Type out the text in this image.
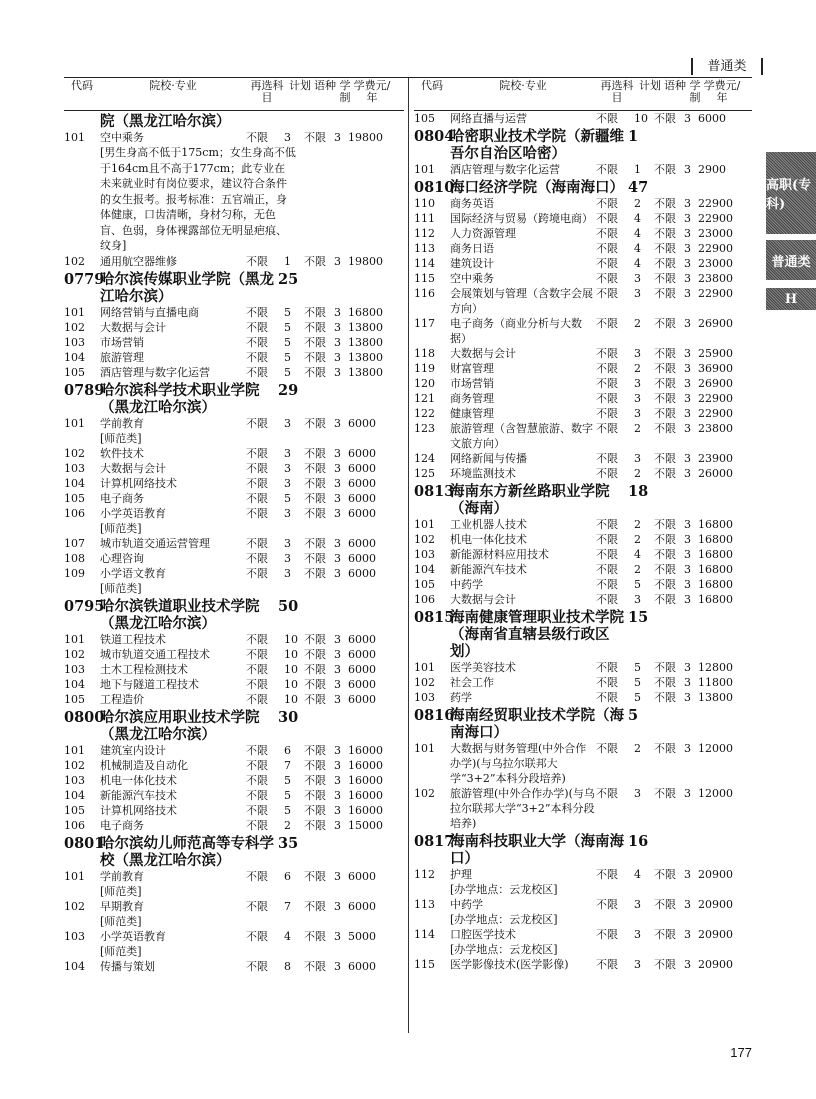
普通类
代码	院校·专业	再选科目
计划 语种 学制
学费元/年
院（黑龙江哈尔滨）
101	空中乘务	不限	3	不限 3 19800
[男生身高不低于175cm；女生身高不低于164cm且不高于177cm；此专业在未来就业时有岗位要求，建议符合条件的女生报考。报考标准：五官端正，身体健康，口齿清晰，身材匀称，无色盲、色弱，身体裸露部位无明显疤痕、纹身]
102	通用航空器维修	不限	1	不限 3 19800
0779
哈尔滨传媒职业学院（黑龙江哈尔滨）
25
101	网络营销与直播电商	不限	5	不限 3 16800
102	大数据与会计	不限	5	不限 3 13800
103	市场营销	不限	5	不限 3 13800
104	旅游管理	不限	5	不限 3 13800
105	酒店管理与数字化运营	不限	5	不限 3 13800
0789
哈尔滨科学技术职业学院（黑龙江哈尔滨）
29
101	学前教育	不限	3	不限 3 6000
[师范类]
102	软件技术	不限	3	不限 3 6000
103	大数据与会计	不限	3	不限 3 6000
104	计算机网络技术	不限	3	不限 3 6000
105	电子商务	不限	5	不限 3 6000
106	小学英语教育	不限	3	不限 3 6000
[师范类]
107	城市轨道交通运营管理	不限	3	不限 3 6000
108	心理咨询	不限	3	不限 3 6000
109	小学语文教育	不限	3	不限 3 6000
[师范类]
0795
哈尔滨铁道职业技术学院（黑龙江哈尔滨）
50
101	铁道工程技术	不限	10 不限 3 6000
102	城市轨道交通工程技术	不限	10 不限 3 6000
103	土木工程检测技术	不限	10 不限 3 6000
104	地下与隧道工程技术	不限	10 不限 3 6000
105	工程造价	不限	10 不限 3 6000
0800
哈尔滨应用职业技术学院（黑龙江哈尔滨）
30
101	建筑室内设计	不限	6	不限 3 16000
102	机械制造及自动化	不限	7	不限 3 16000
103	机电一体化技术	不限	5	不限 3 16000
104	新能源汽车技术	不限	5	不限 3 16000
105	计算机网络技术	不限	5	不限 3 16000
106	电子商务	不限	2	不限 3 15000
0801
哈尔滨幼儿师范高等专科学校（黑龙江哈尔滨）
35
101	学前教育	不限	6	不限 3 6000
[师范类]
102	早期教育	不限	7	不限 3 6000
[师范类]
103	小学英语教育	不限	4	不限 3 5000
[师范类]
104	传播与策划	不限	8	不限 3 6000
代码	院校·专业	再选科目
计划 语种 学制
学费元/年
105	网络直播与运营	不限	10 不限 3 6000
0804
哈密职业技术学院（新疆维吾尔自治区哈密）
1
101	酒店管理与数字化运营	不限	1	不限 3 2900
0810
海口经济学院（海南海口） 47
110	商务英语	不限	2	不限 3 22900
111	国际经济与贸易（跨境电商） 不限	4	不限 3 22900
112	人力资源管理	不限	4	不限 3 23000
113	商务日语	不限	4	不限 3 22900
114	建筑设计	不限	4	不限 3 23000
115	空中乘务	不限	3	不限 3 23800
116	会展策划与管理（含数字会展方向）
不限	3	不限 3 22900
117	电子商务（商业分析与大数据）
不限	2	不限 3 26900
118	大数据与会计	不限	3	不限 3 25900
119	财富管理	不限	2	不限 3 36900
120	市场营销	不限	3	不限 3 26900
121	商务管理	不限	3	不限 3 22900
122	健康管理	不限	3	不限 3 22900
123	旅游管理（含智慧旅游、数字文旅方向）
不限	2	不限 3 23800
124	网络新闻与传播	不限	3	不限 3 23900
125	环境监测技术	不限	2	不限 3 26000
0813
海南东方新丝路职业学院（海南）
18
101	工业机器人技术	不限	2	不限 3 16800
102	机电一体化技术	不限	2	不限 3 16800
103	新能源材料应用技术	不限	4	不限 3 16800
104	新能源汽车技术	不限	2	不限 3 16800
105	中药学	不限	5	不限 3 16800
106	大数据与会计	不限	3	不限 3 16800
0815
海南健康管理职业技术学院（海南省直辖县级行政区划）
15
101	医学美容技术	不限	5	不限 3 12800
102	社会工作	不限	5	不限 3 11800
103	药学	不限	5	不限 3 13800
0816
海南经贸职业技术学院（海南海口）
5
101	大数据与财务管理(中外合作办学)(与乌拉尔联邦大学“3+2”本科分段培养)
不限	2	不限 3 12000
102	旅游管理(中外合作办学)(与乌拉尔联邦大学“3+2”本科分段培养)
不限	3	不限 3 12000
0817
海南科技职业大学（海南海口）
16
112	护理	不限	4	不限 3 20900
[办学地点：云龙校区]
113	中药学	不限	3	不限 3 20900
[办学地点：云龙校区]
114	口腔医学技术	不限	3	不限 3 20900
[办学地点：云龙校区]
115	医学影像技术(医学影像)	不限	3	不限 3 20900
高职(专科)
普通类
H
177
